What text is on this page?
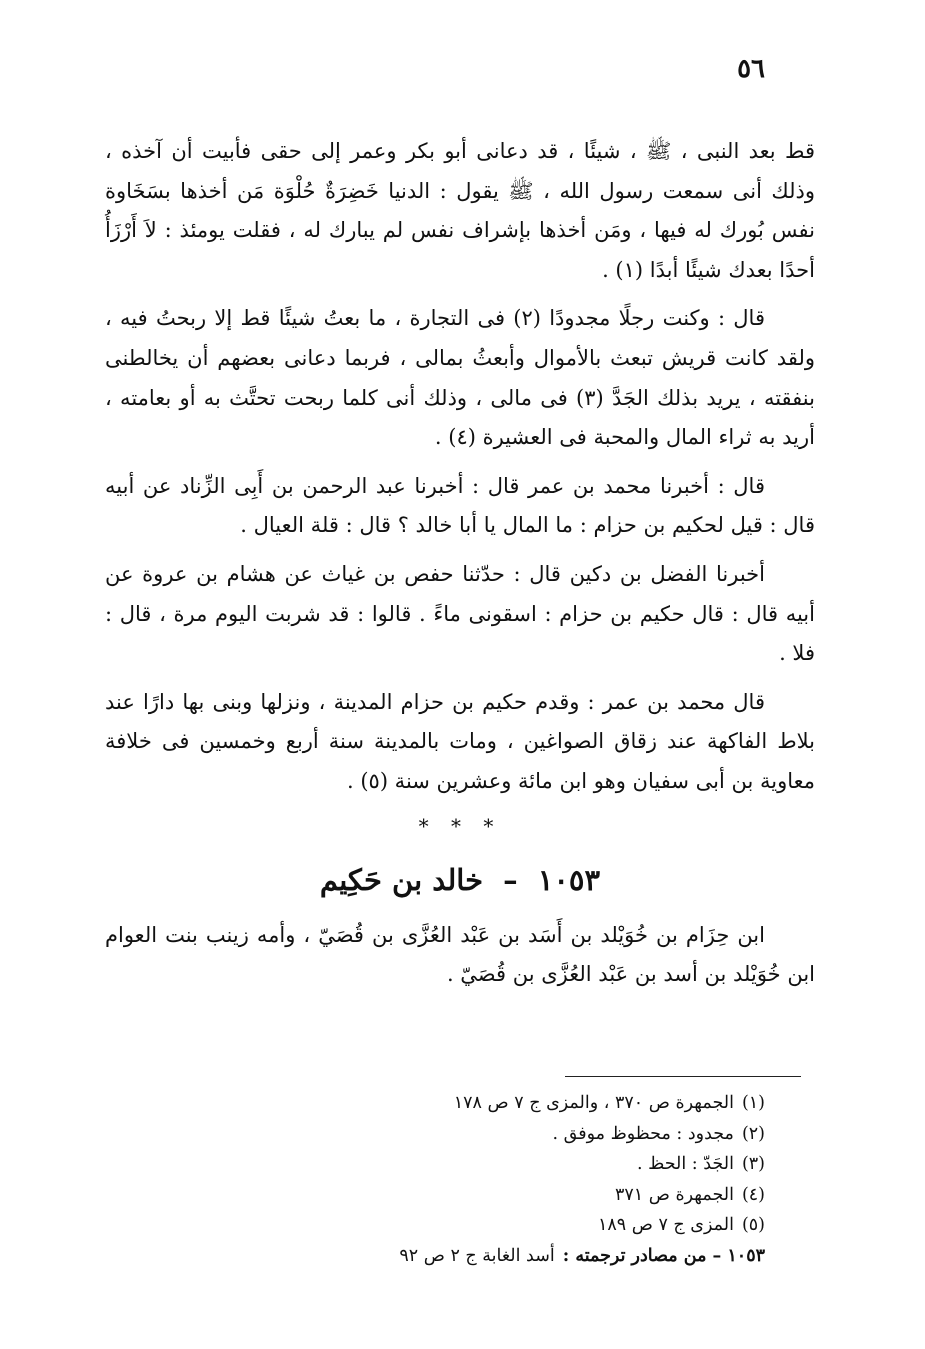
٥٦

قط بعد النبى ، ﷺ ، شيئًا ، قد دعانى أبو بكر وعمر إلى حقى فأبيت أن آخذه ، وذلك أنى سمعت رسول الله ، ﷺ يقول : الدنيا خَضِرَةٌ حُلْوَة مَن أخذها بسَخَاوة نفس بُورك له فيها ، ومَن أخذها بإشراف نفس لم يبارك له ، فقلت يومئذ : لاَ أَرْزَأُ أحدًا بعدك شيئًا أبدًا (١) .

قال : وكنت رجلًا مجدودًا (٢) فى التجارة ، ما بعتُ شيئًا قط إلا ربحتُ فيه ، ولقد كانت قريش تبعث بالأموال وأبعثُ بمالى ، فربما دعانى بعضهم أن يخالطنى بنفقته ، يريد بذلك الجَدَّ (٣) فى مالى ، وذلك أنى كلما ربحت تحتَّث به أو بعامته ، أريد به ثراء المال والمحبة فى العشيرة (٤) .

قال : أخبرنا محمد بن عمر قال : أخبرنا عبد الرحمن بن أَبِى الزِّناد عن أبيه قال : قيل لحكيم بن حزام : ما المال يا أبا خالد ؟ قال : قلة العيال .

أخبرنا الفضل بن دكين قال : حدّثنا حفص بن غياث عن هشام بن عروة عن أبيه قال : قال حكيم بن حزام : اسقونى ماءً . قالوا : قد شربت اليوم مرة ، قال : فلا .

قال محمد بن عمر : وقدم حكيم بن حزام المدينة ، ونزلها وبنى بها دارًا عند بلاط الفاكهة عند زقاق الصواغين ، ومات بالمدينة سنة أربع وخمسين فى خلافة معاوية بن أبى سفيان وهو ابن مائة وعشرين سنة (٥) .

* * *
١٠٥٣ – خالد بن حَكِيم

ابن حِزَام بن خُوَيْلد بن أَسَد بن عَبْد العُزَّى بن قُصَيّ ، وأمه زينب بنت العوام ابن خُوَيْلد بن أسد بن عَبْد العُزَّى بن قُصَيّ .

(١)الجمهرة ص ٣٧٠ ، والمزى ج ٧ ص ١٧٨
(٢)مجدود : محظوظ موفق .
(٣)الجَدّ : الحظ .
(٤)الجمهرة ص ٣٧١
(٥)المزى ج ٧ ص ١٨٩
١٠٥٣ – من مصادر ترجمته :أسد الغابة ج ٢ ص ٩٢
